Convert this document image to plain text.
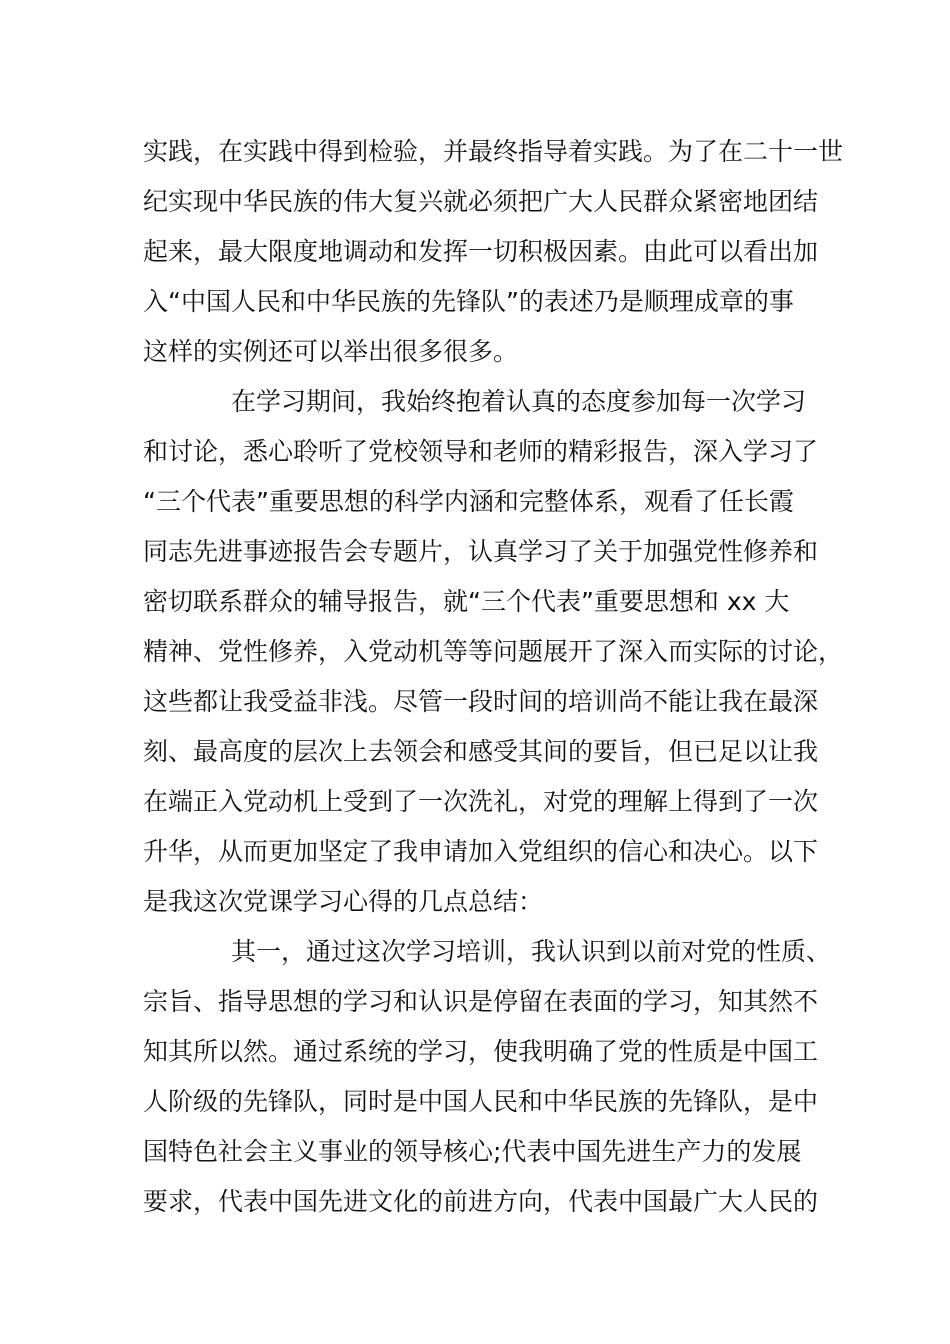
实践，在实践中得到检验，并最终指导着实践。为了在二十一世
纪实现中华民族的伟大复兴就必须把广大人民群众紧密地团结
起来，最大限度地调动和发挥一切积极因素。由此可以看出加
入“中国人民和中华民族的先锋队”的表述乃是顺理成章的事
这样的实例还可以举出很多很多。
在学习期间，我始终抱着认真的态度参加每一次学习
和讨论，悉心聆听了党校领导和老师的精彩报告，深入学习了
“三个代表”重要思想的科学内涵和完整体系，观看了任长霞
同志先进事迹报告会专题片，认真学习了关于加强党性修养和
密切联系群众的辅导报告，就“三个代表”重要思想和 xx 大
精神、党性修养，入党动机等等问题展开了深入而实际的讨论，
这些都让我受益非浅。尽管一段时间的培训尚不能让我在最深
刻、最高度的层次上去领会和感受其间的要旨，但已足以让我
在端正入党动机上受到了一次洗礼，对党的理解上得到了一次
升华，从而更加坚定了我申请加入党组织的信心和决心。以下
是我这次党课学习心得的几点总结：
其一，通过这次学习培训，我认识到以前对党的性质、
宗旨、指导思想的学习和认识是停留在表面的学习，知其然不
知其所以然。通过系统的学习，使我明确了党的性质是中国工
人阶级的先锋队，同时是中国人民和中华民族的先锋队，是中
国特色社会主义事业的领导核心;代表中国先进生产力的发展
要求，代表中国先进文化的前进方向，代表中国最广大人民的
